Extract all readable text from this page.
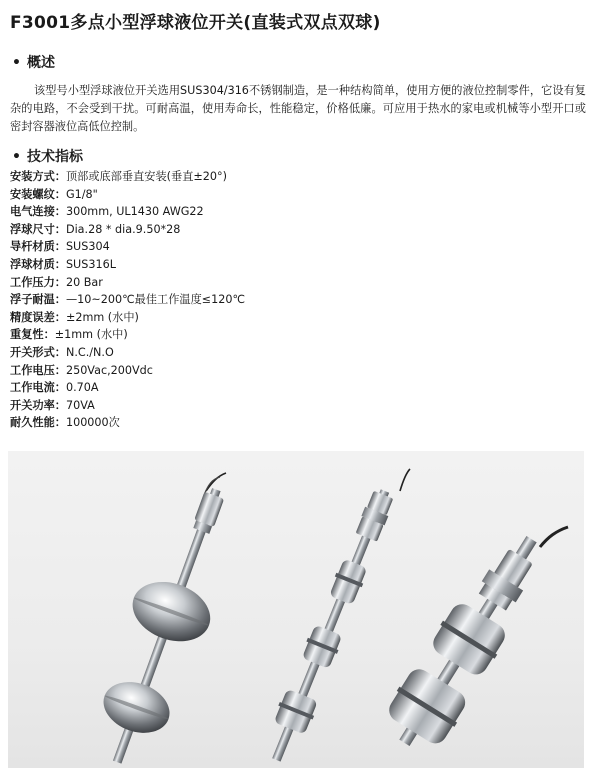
F3001多点小型浮球液位开关(直装式双点双球)
• 概述
该型号小型浮球液位开关选用SUS304/316不锈钢制造，是一种结构简单，使用方便的液位控制零件，它设有复杂的电路，不会受到干扰。可耐高温，使用寿命长，性能稳定，价格低廉。可应用于热水的家电或机械等小型开口或密封容器液位高低位控制。
• 技术指标
安装方式：顶部或底部垂直安装(垂直±20°)
安装螺纹：G1/8"
电气连接：300mm, UL1430 AWG22
浮球尺寸：Dia.28 * dia.9.50*28
导杆材质：SUS304
浮球材质：SUS316L
工作压力：20 Bar
浮子耐温：—10~200℃最佳工作温度≤120℃
精度误差：±2mm (水中)
重复性：±1mm (水中)
开关形式：N.C./N.O
工作电压：250Vac,200Vdc
工作电流：0.70A
开关功率：70VA
耐久性能：100000次
